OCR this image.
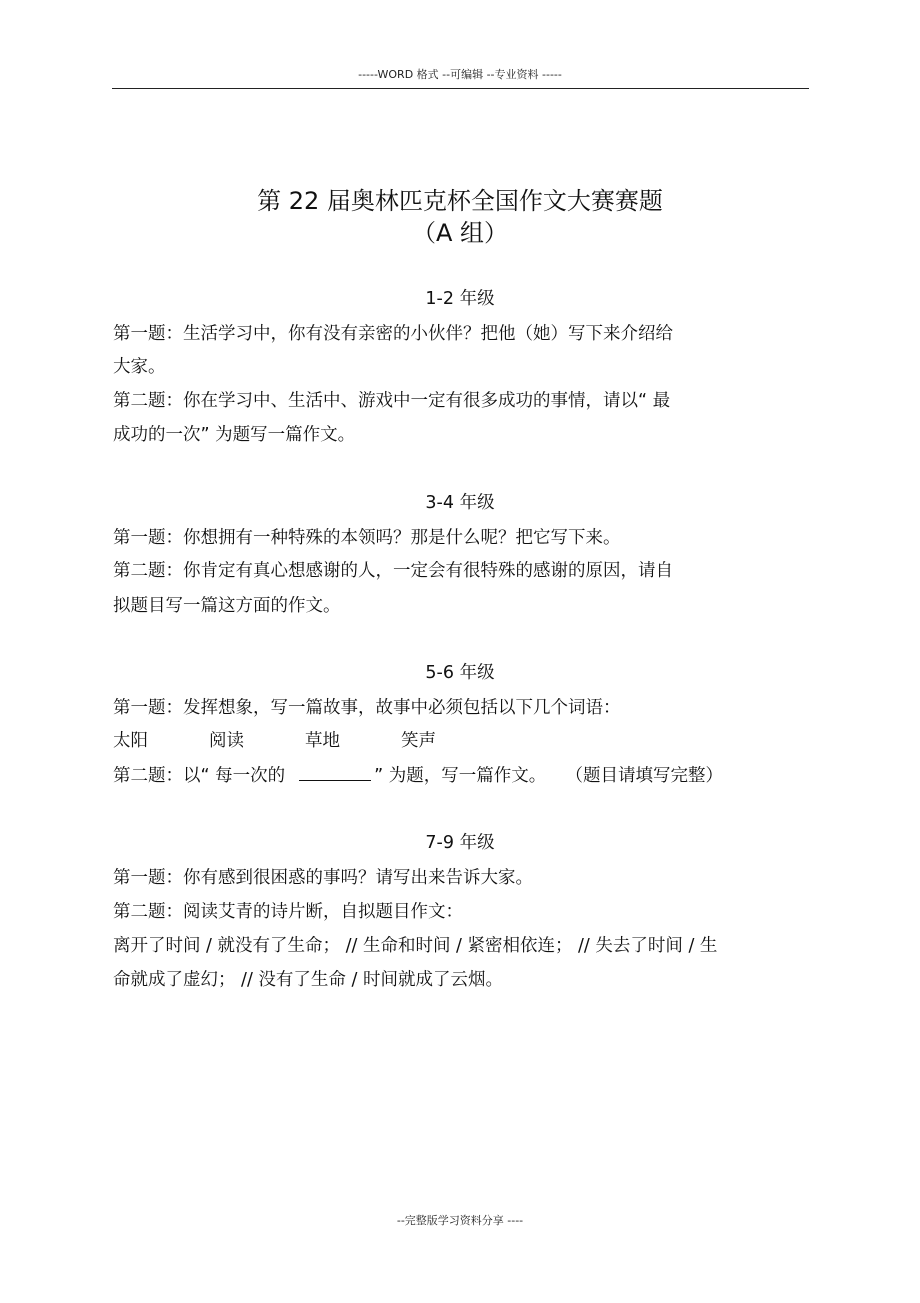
-----WORD 格式 --可编辑 --专业资料 -----
第 22 届奥林匹克杯全国作文大赛赛题
（A 组）
1-2 年级
第一题：生活学习中，你有没有亲密的小伙伴？把他（她）写下来介绍给
大家。
第二题：你在学习中、生活中、游戏中一定有很多成功的事情，请以“ 最
成功的一次” 为题写一篇作文。
3-4 年级
第一题：你想拥有一种特殊的本领吗？那是什么呢？把它写下来。
第二题：你肯定有真心想感谢的人，一定会有很特殊的感谢的原因，请自
拟题目写一篇这方面的作文。
5-6 年级
第一题：发挥想象，写一篇故事，故事中必须包括以下几个词语：
太阳	阅读	草地	笑声
第二题：以“ 每一次的	” 为题，写一篇作文。 （题目请填写完整）
7-9 年级
第一题：你有感到很困惑的事吗？请写出来告诉大家。
第二题：阅读艾青的诗片断，自拟题目作文：
离开了时间 / 就没有了生命； // 生命和时间 / 紧密相依连； // 失去了时间 / 生
命就成了虚幻； // 没有了生命 / 时间就成了云烟。
--完整版学习资料分享 ----
